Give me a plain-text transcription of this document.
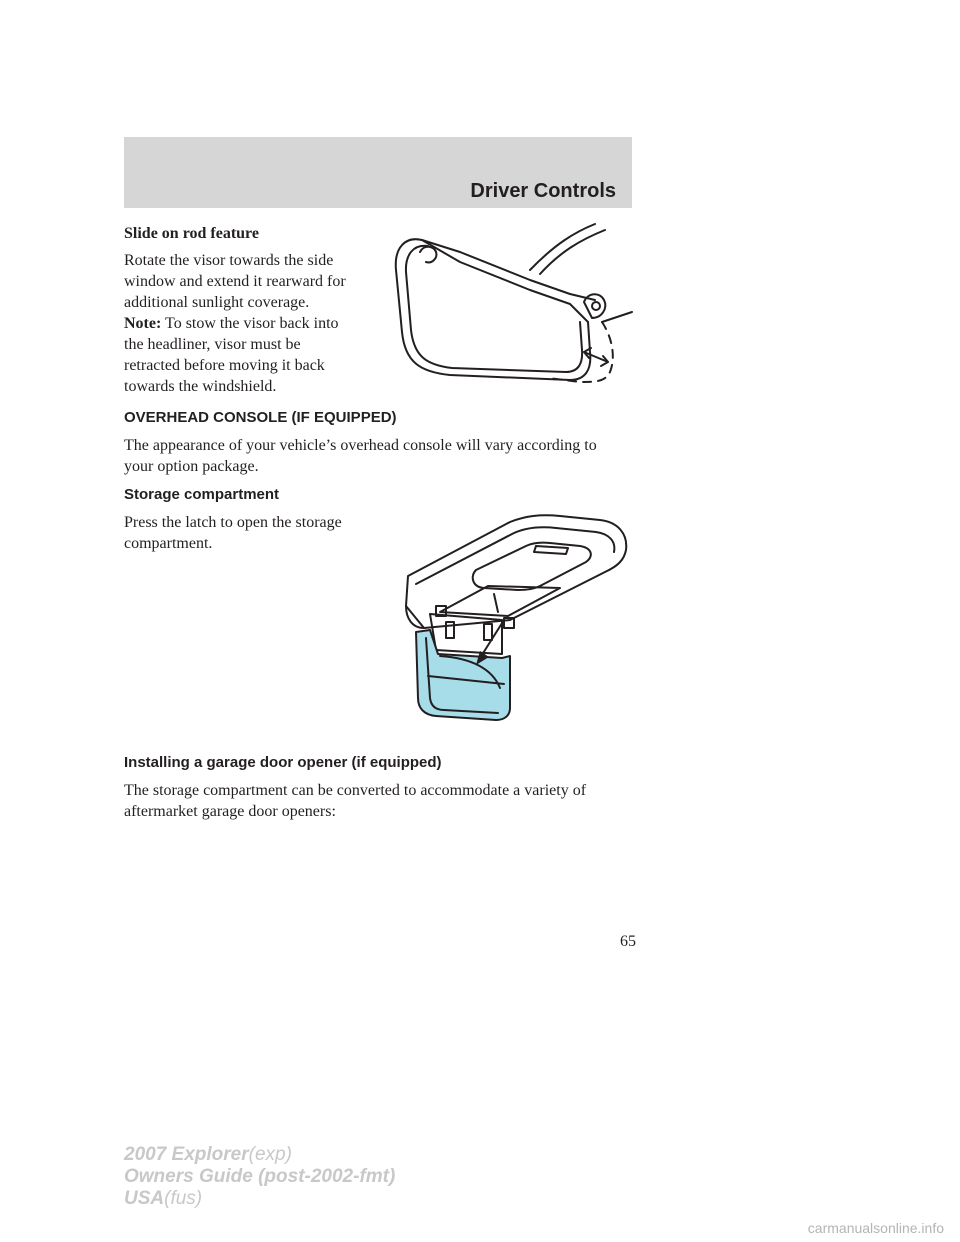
Driver Controls
Slide on rod feature
Rotate the visor towards the side
window and extend it rearward for
additional sunlight coverage.
Note: To stow the visor back into
the headliner, visor must be
retracted before moving it back
towards the windshield.
OVERHEAD CONSOLE (IF EQUIPPED)
The appearance of your vehicle’s overhead console will vary according to
your option package.
Storage compartment
Press the latch to open the storage
compartment.
Installing a garage door opener (if equipped)
The storage compartment can be converted to accommodate a variety of
aftermarket garage door openers:
65
2007 Explorer(exp)
Owners Guide (post-2002-fmt)
USA(fus)
carmanualsonline.info
